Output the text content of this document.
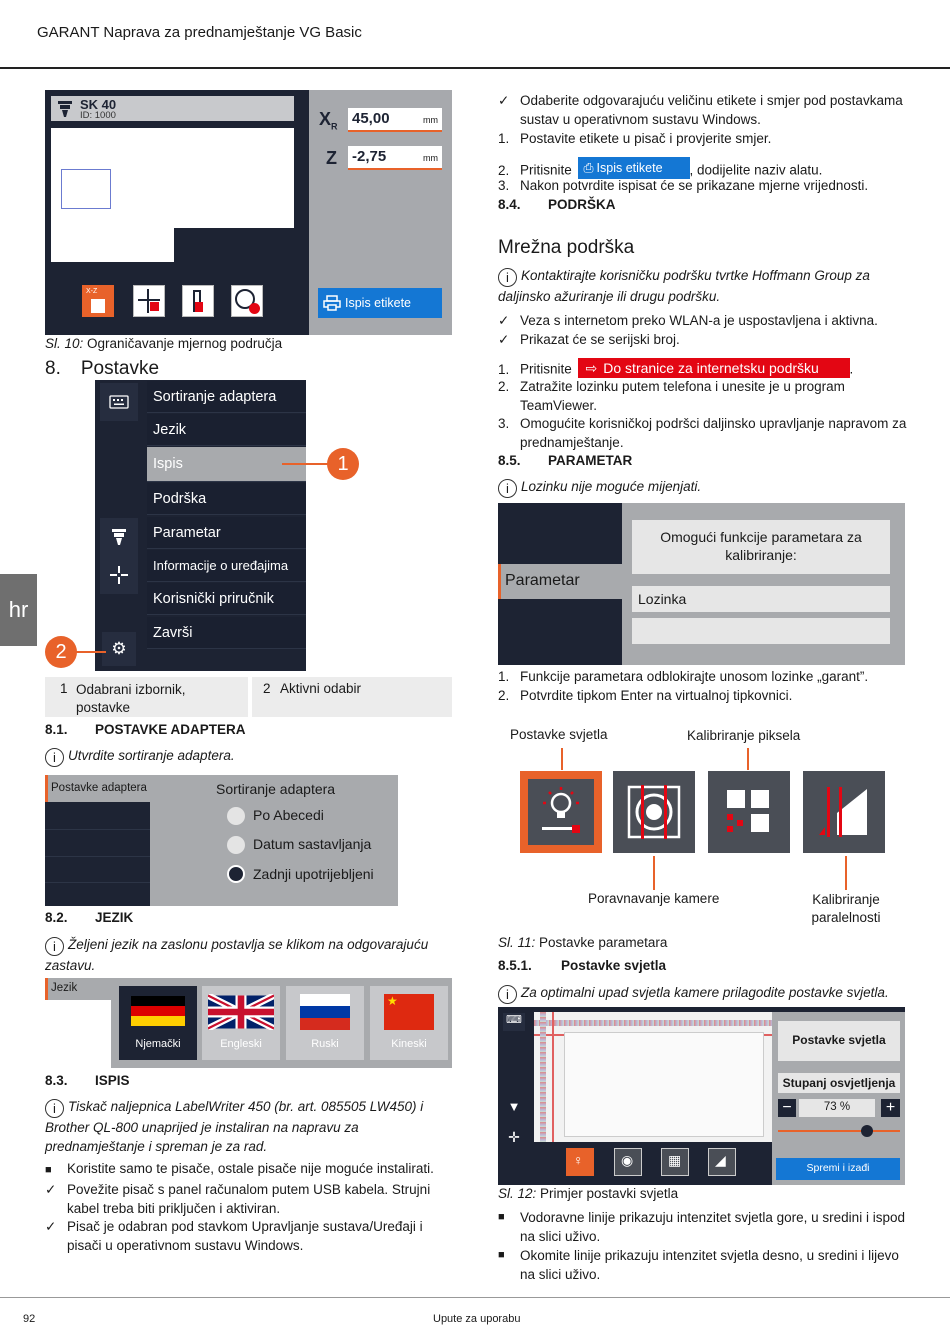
GARANT Naprava za prednamještanje VG Basic
hr
92	Upute za uporabu
SK 40
ID: 1000
X-Z
$X_R$ 45,00	mm
Z -2,75	mm
Ispis etikete
Sl. 10: Ograničavanje mjernog područja
8. Postavke
⚙
Sortiranje adaptera
Jezik
Ispis
Podrška
Parametar
Informacije o uređajima
Korisnički priručnik
Završi
1
2
1 Odabrani izbornik, postavke
2 Aktivni odabir
8.1. POSTAVKE ADAPTERA
i Utvrdite sortiranje adaptera.
Postavke adaptera	Sortiranje adaptera
Po Abecedi
Datum sastavljanja
Zadnji upotrijebljeni
8.2. JEZIK
i Željeni jezik na zaslonu postavlja se klikom na odgovarajuću zastavu.
Jezik
Njemački	Engleski	Ruski
★
Kineski
8.3. ISPIS
i Tiskač naljepnica LabelWriter 450 (br. art. 085505 LW450) i Brother QL-800 unaprijed je instaliran na napravu za prednamještanje i spreman je za rad.
■ Koristite samo te pisače, ostale pisače nije moguće instalirati.
✓ Povežite pisač s panel računalom putem USB kabela. Strujni kabel treba biti priključen i aktiviran.
✓ Pisač je odabran pod stavkom Upravljanje sustava/Uređaji i pisači u operativnom sustavu Windows.
✓ Odaberite odgovarajuću veličinu etikete i smjer pod postavkama sustav u operativnom sustavu Windows.
1. Postavite etikete u pisač i provjerite smjer.
2. Pritisnite ⎙ Ispis etikete , dodijelite naziv alatu.
3. Nakon potvrdite ispisat će se prikazane mjerne vrijednosti.
8.4. PODRŠKA
Mrežna podrška
i Kontaktirajte korisničku podršku tvrtke Hoffmann Group za daljinsko ažuriranje ili drugu podršku.
✓ Veza s internetom preko WLAN-a je uspostavljena i aktivna.
✓ Prikazat će se serijski broj.
1. Pritisnite ⇨ Do stranice za internetsku podršku .
2. Zatražite lozinku putem telefona i unesite je u program TeamViewer.
3. Omogućite korisničkoj podršci daljinsko upravljanje napravom za prednamještanje.
8.5. PARAMETAR
i Lozinku nije moguće mijenjati.
Parametar
Omogući funkcije parametara za kalibriranje:
Lozinka
1. Funkcije parametara odblokirajte unosom lozinke „garant”.
2. Potvrdite tipkom Enter na virtualnoj tipkovnici.
Postavke svjetla	Kalibriranje piksela
Poravnavanje kamere	Kalibriranje paralelnosti
Sl. 11: Postavke parametara
8.5.1. Postavke svjetla
i Za optimalni upad svjetla kamere prilagodite postavke svjetla.
⌨
▼
✛
Postavke svjetla
Stupanj osvjetljenja
−	73 %	+
Spremi i izađi
♀	◉ ▦ ◢
Sl. 12: Primjer postavki svjetla
■	Vodoravne linije prikazuju intenzitet svjetla gore, u sredini i ispod na slici uživo.
■	Okomite linije prikazuju intenzitet svjetla desno, u sredini i lijevo na slici uživo.
